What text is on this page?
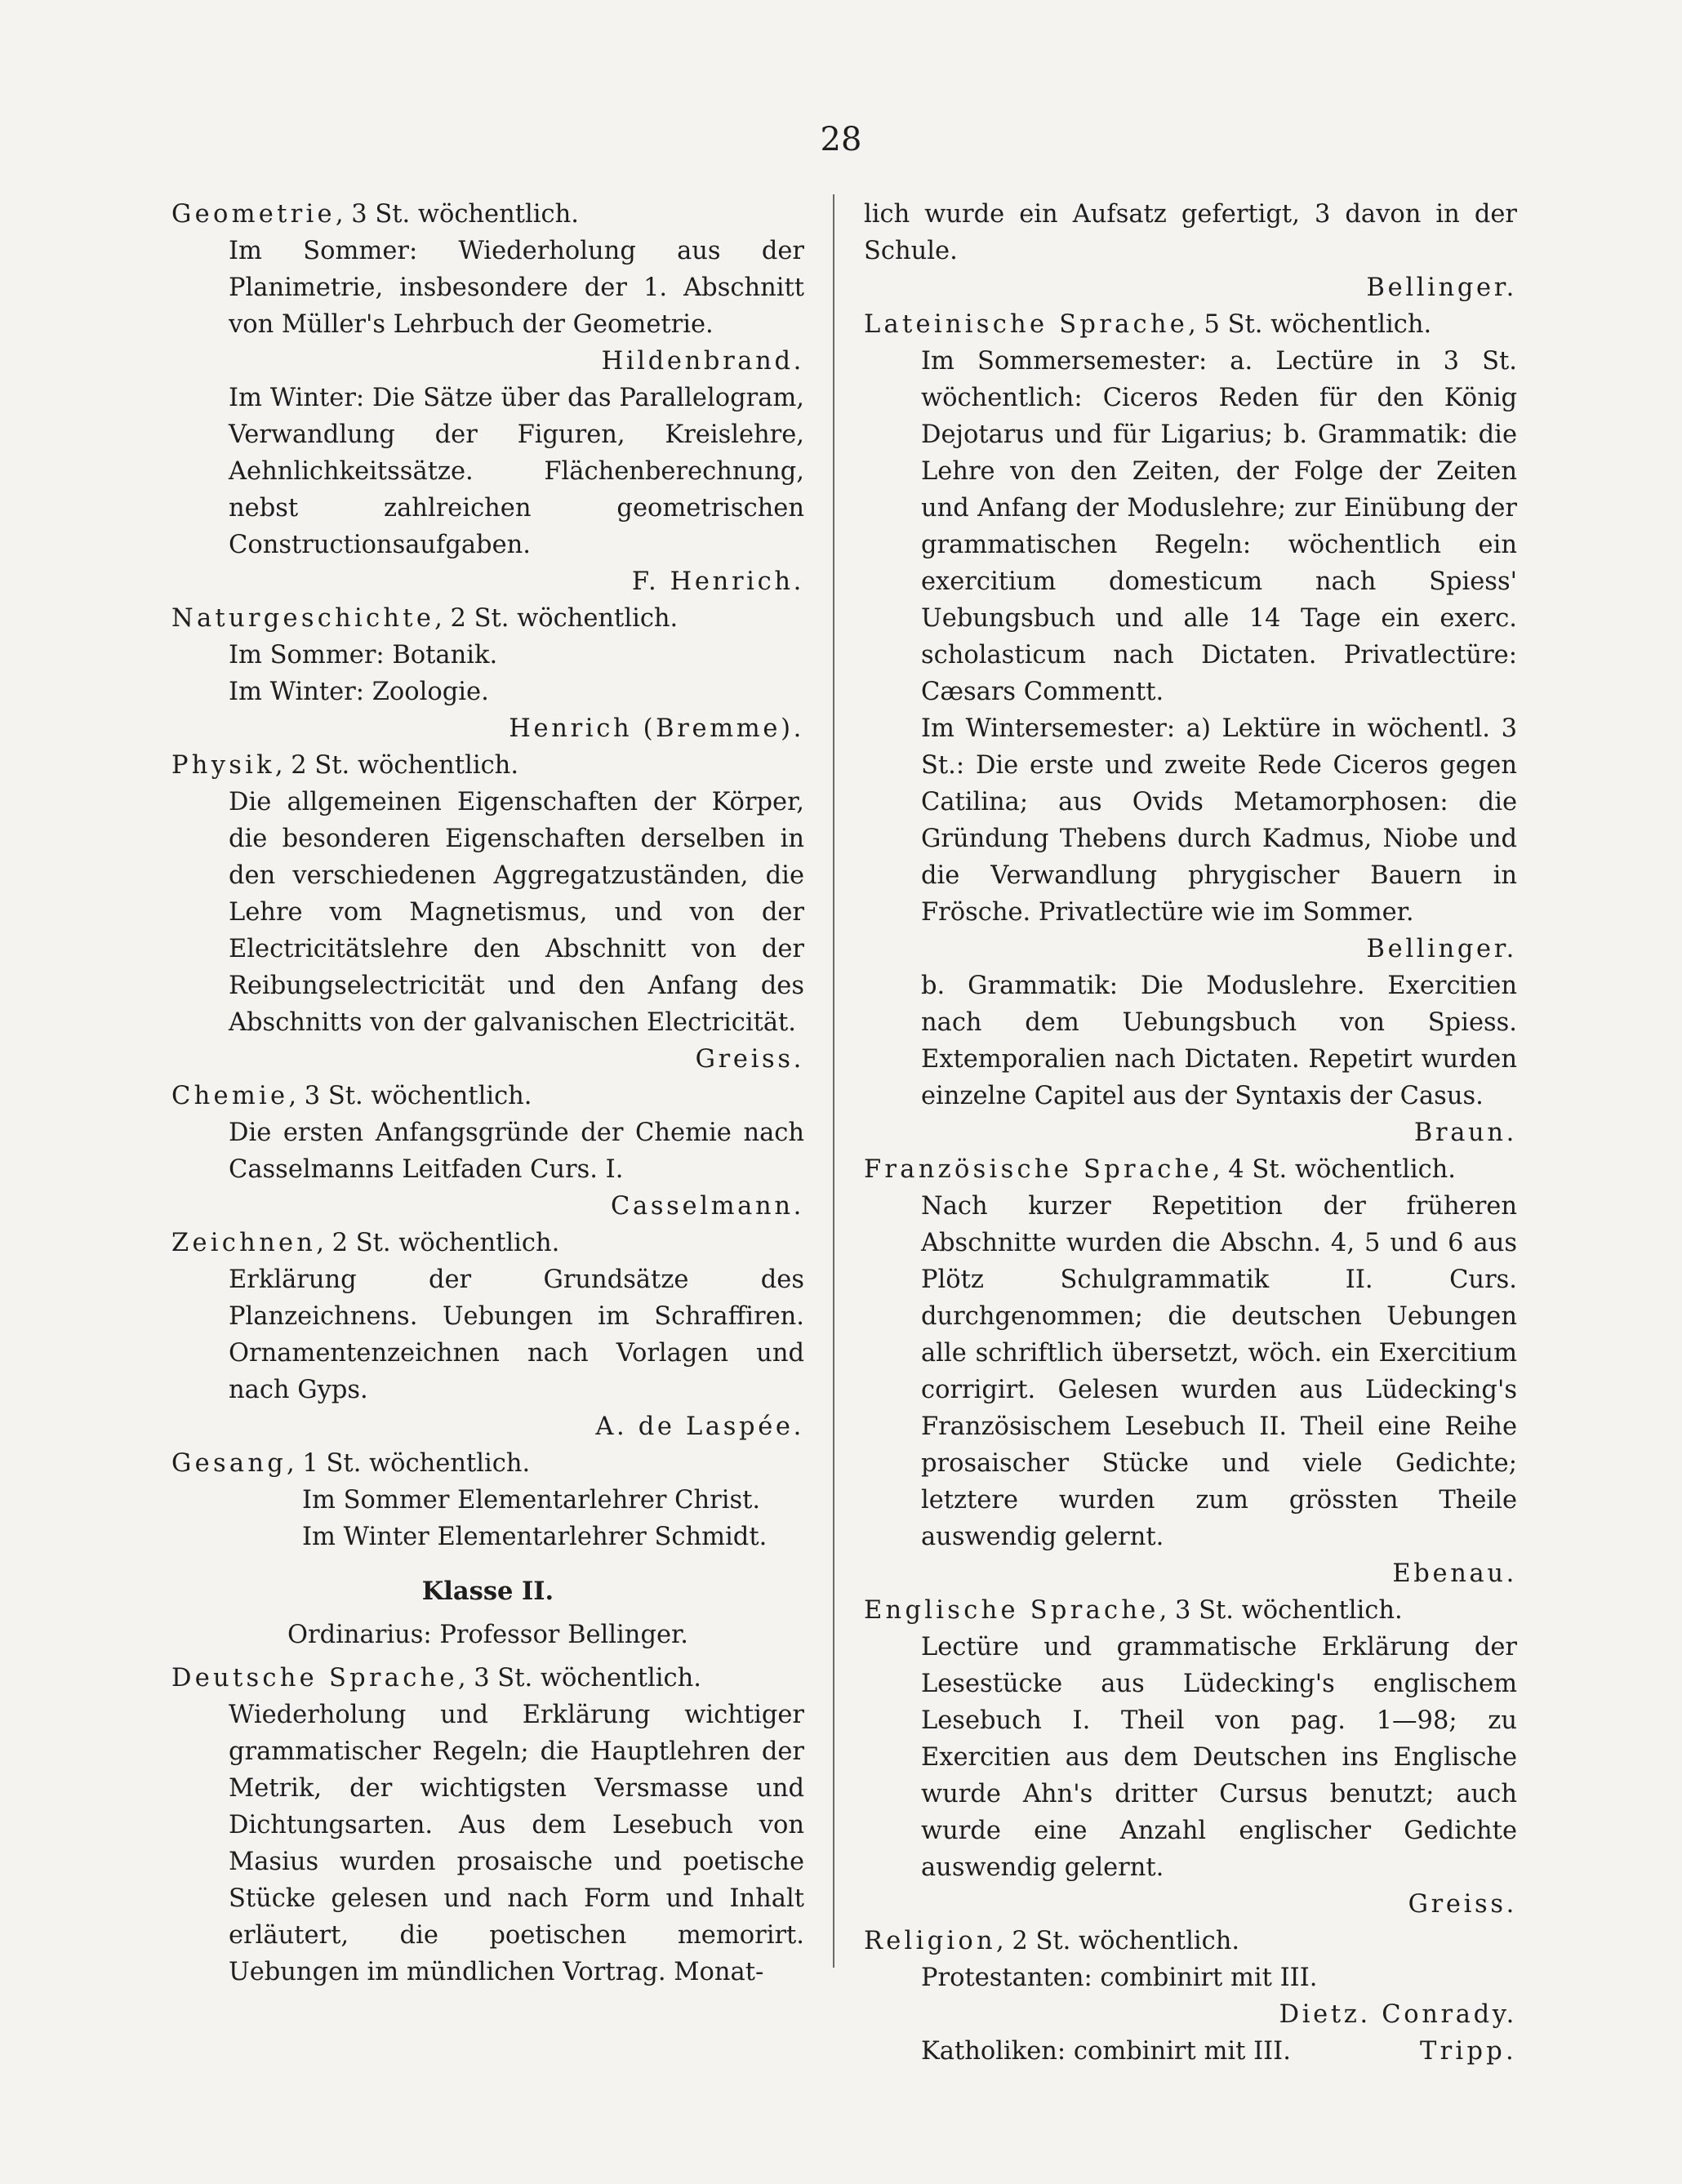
28
Geometrie, 3 St. wöchentlich.
Im Sommer: Wiederholung aus der Planimetrie, insbesondere der 1. Abschnitt von Müller's Lehrbuch der Geometrie.
Hildenbrand.
Im Winter: Die Sätze über das Parallelogram, Verwandlung der Figuren, Kreislehre, Aehnlichkeitssätze. Flächenberechnung, nebst zahlreichen geometrischen Constructionsaufgaben.
F. Henrich.
Naturgeschichte, 2 St. wöchentlich.
Im Sommer: Botanik.
Im Winter: Zoologie.
Henrich (Bremme).
Physik, 2 St. wöchentlich.
Die allgemeinen Eigenschaften der Körper, die besonderen Eigenschaften derselben in den verschiedenen Aggregatzuständen, die Lehre vom Magnetismus, und von der Electricitätslehre den Abschnitt von der Reibungselectricität und den Anfang des Abschnitts von der galvanischen Electricität.
Greiss.
Chemie, 3 St. wöchentlich.
Die ersten Anfangsgründe der Chemie nach Casselmanns Leitfaden Curs. I.
Casselmann.
Zeichnen, 2 St. wöchentlich.
Erklärung der Grundsätze des Planzeichnens. Uebungen im Schraffiren. Ornamentenzeichnen nach Vorlagen und nach Gyps.
A. de Laspée.
Gesang, 1 St. wöchentlich.
Im Sommer Elementarlehrer Christ.
Im Winter Elementarlehrer Schmidt.
Klasse II.
Ordinarius: Professor Bellinger.
Deutsche Sprache, 3 St. wöchentlich.
Wiederholung und Erklärung wichtiger grammatischer Regeln; die Hauptlehren der Metrik, der wichtigsten Versmasse und Dichtungsarten. Aus dem Lesebuch von Masius wurden prosaische und poetische Stücke gelesen und nach Form und Inhalt erläutert, die poetischen memorirt. Uebungen im mündlichen Vortrag. Monat-
lich wurde ein Aufsatz gefertigt, 3 davon in der Schule.
Bellinger.
Lateinische Sprache, 5 St. wöchentlich.
Im Sommersemester: a. Lectüre in 3 St. wöchentlich: Ciceros Reden für den König Dejotarus und für Ligarius; b. Grammatik: die Lehre von den Zeiten, der Folge der Zeiten und Anfang der Moduslehre; zur Einübung der grammatischen Regeln: wöchentlich ein exercitium domesticum nach Spiess' Uebungsbuch und alle 14 Tage ein exerc. scholasticum nach Dictaten. Privatlectüre: Cæsars Commentt.
Im Wintersemester: a) Lektüre in wöchentl. 3 St.: Die erste und zweite Rede Ciceros gegen Catilina; aus Ovids Metamorphosen: die Gründung Thebens durch Kadmus, Niobe und die Verwandlung phrygischer Bauern in Frösche. Privatlectüre wie im Sommer.
Bellinger.
b. Grammatik: Die Moduslehre. Exercitien nach dem Uebungsbuch von Spiess. Extemporalien nach Dictaten. Repetirt wurden einzelne Capitel aus der Syntaxis der Casus.
Braun.
Französische Sprache, 4 St. wöchentlich.
Nach kurzer Repetition der früheren Abschnitte wurden die Abschn. 4, 5 und 6 aus Plötz Schulgrammatik II. Curs. durchgenommen; die deutschen Uebungen alle schriftlich übersetzt, wöch. ein Exercitium corrigirt. Gelesen wurden aus Lüdecking's Französischem Lesebuch II. Theil eine Reihe prosaischer Stücke und viele Gedichte; letztere wurden zum grössten Theile auswendig gelernt.
Ebenau.
Englische Sprache, 3 St. wöchentlich.
Lectüre und grammatische Erklärung der Lesestücke aus Lüdecking's englischem Lesebuch I. Theil von pag. 1—98; zu Exercitien aus dem Deutschen ins Englische wurde Ahn's dritter Cursus benutzt; auch wurde eine Anzahl englischer Gedichte auswendig gelernt.
Greiss.
Religion, 2 St. wöchentlich.
Protestanten: combinirt mit III.
Dietz. Conrady.
Katholiken: combinirt mit III.	Tripp.
